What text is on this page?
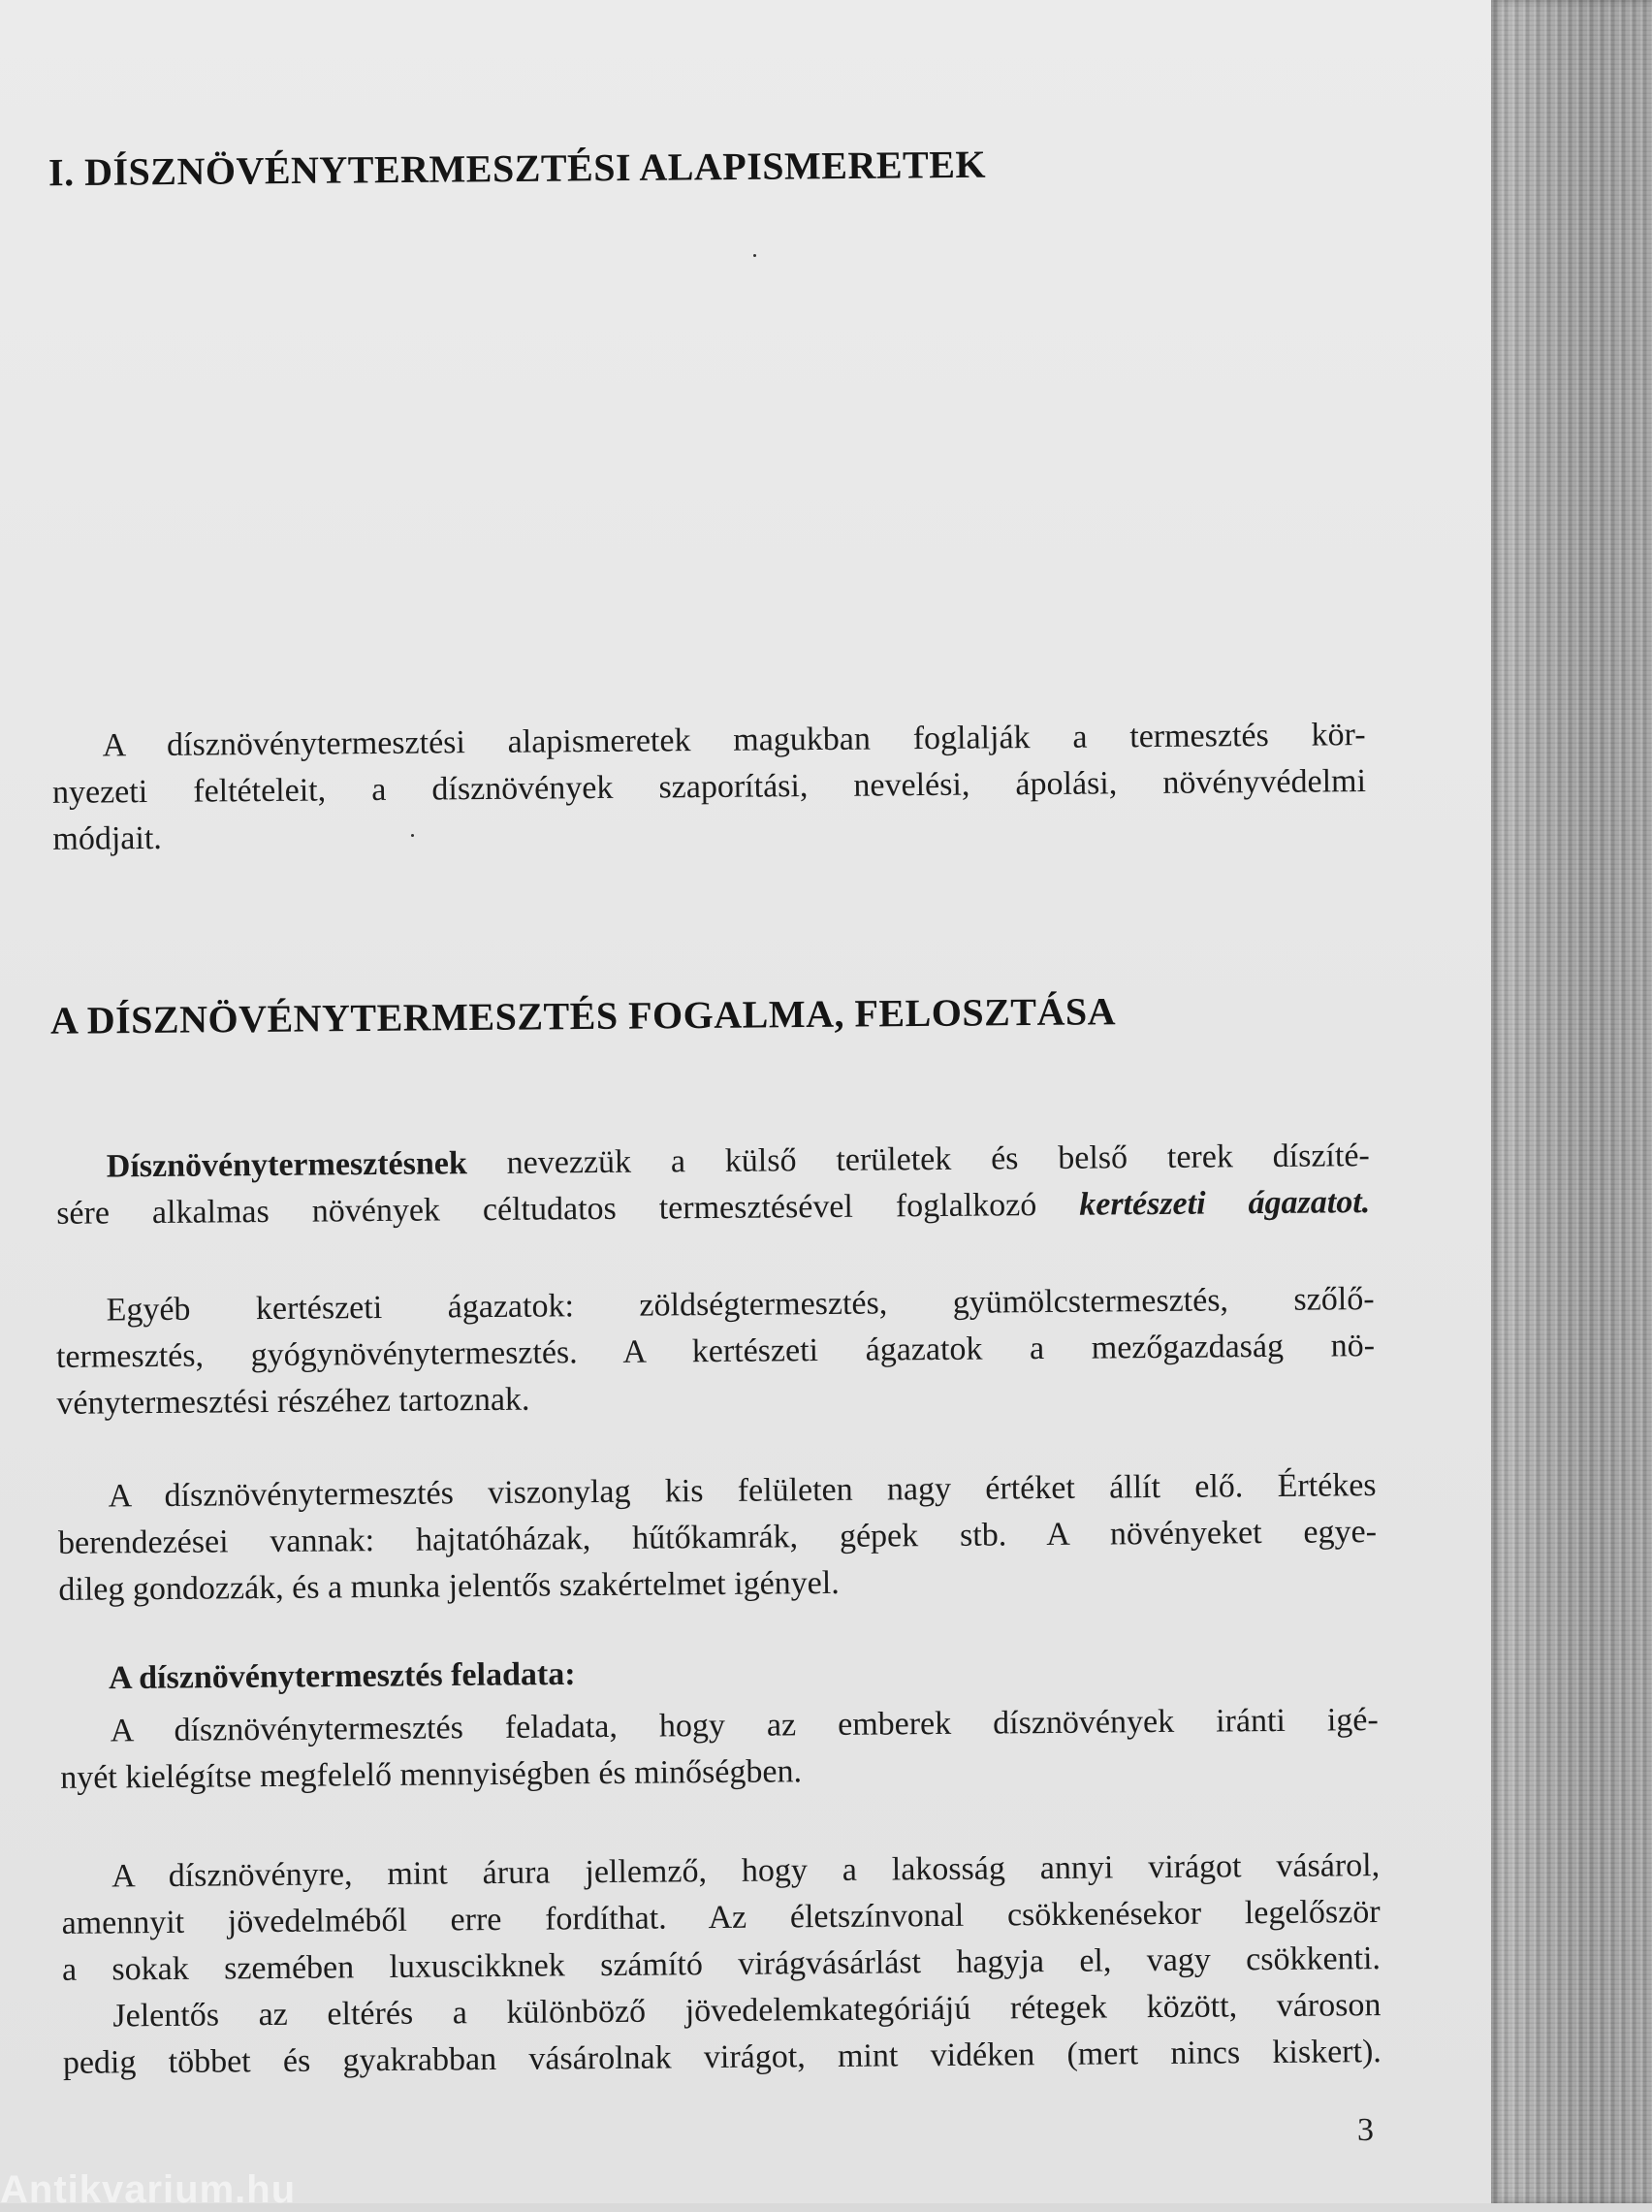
I. DÍSZNÖVÉNYTERMESZTÉSI ALAPISMERETEK

A dísznövénytermesztési alapismeretek magukban foglalják a termesztés kör-
nyezeti feltételeit, a dísznövények szaporítási, nevelési, ápolási, növényvédelmi
módjait.

A DÍSZNÖVÉNYTERMESZTÉS FOGALMA, FELOSZTÁSA

Dísznövénytermesztésnek nevezzük a külső területek és belső terek díszíté-
sére alkalmas növények céltudatos termesztésével foglalkozó kertészeti ágazatot.

Egyéb kertészeti ágazatok: zöldségtermesztés, gyümölcstermesztés, szőlő-
termesztés, gyógynövénytermesztés. A kertészeti ágazatok a mezőgazdaság nö-
vénytermesztési részéhez tartoznak.

A dísznövénytermesztés viszonylag kis felületen nagy értéket állít elő. Értékes
berendezései vannak: hajtatóházak, hűtőkamrák, gépek stb. A növényeket egye-
dileg gondozzák, és a munka jelentős szakértelmet igényel.

A dísznövénytermesztés feladata:

A dísznövénytermesztés feladata, hogy az emberek dísznövények iránti igé-
nyét kielégítse megfelelő mennyiségben és minőségben.

A dísznövényre, mint árura jellemző, hogy a lakosság annyi virágot vásárol,
amennyit jövedelméből erre fordíthat. Az életszínvonal csökkenésekor legelőször
a sokak szemében luxuscikknek számító virágvásárlást hagyja el, vagy csökkenti.
Jelentős az eltérés a különböző jövedelemkategóriájú rétegek között, városon
pedig többet és gyakrabban vásárolnak virágot, mint vidéken (mert nincs kiskert).

3

Antikvarium.hu
